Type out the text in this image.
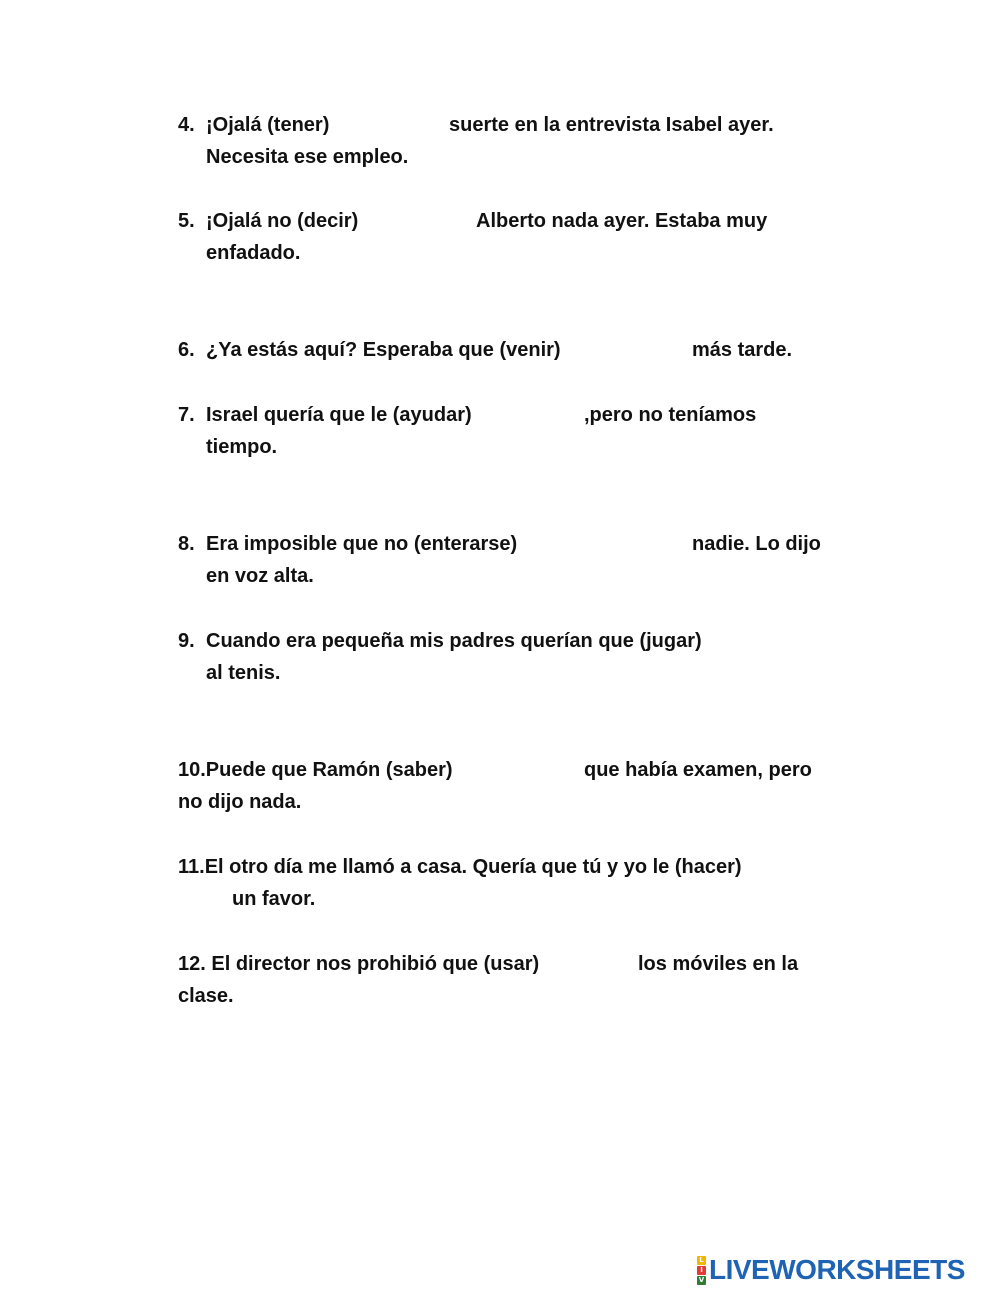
4. ¡Ojalá (tener)	suerte en la entrevista Isabel ayer.
Necesita ese empleo.
5. ¡Ojalá no (decir)	Alberto nada ayer. Estaba muy
enfadado.
6. ¿Ya estás aquí? Esperaba que (venir)	más tarde.
7. Israel quería que le (ayudar)	,pero no teníamos
tiempo.
8. Era imposible que no (enterarse)	nadie. Lo dijo
en voz alta.
9. Cuando era pequeña mis padres querían que (jugar)
al tenis.
10.Puede que Ramón (saber)	que había examen, pero
no dijo nada.
11.El otro día me llamó a casa. Quería que tú y yo le (hacer)
un favor.
12. El director nos prohibió que (usar)	los móviles en la
clase.
L
I
V LIVEWORKSHEETS
